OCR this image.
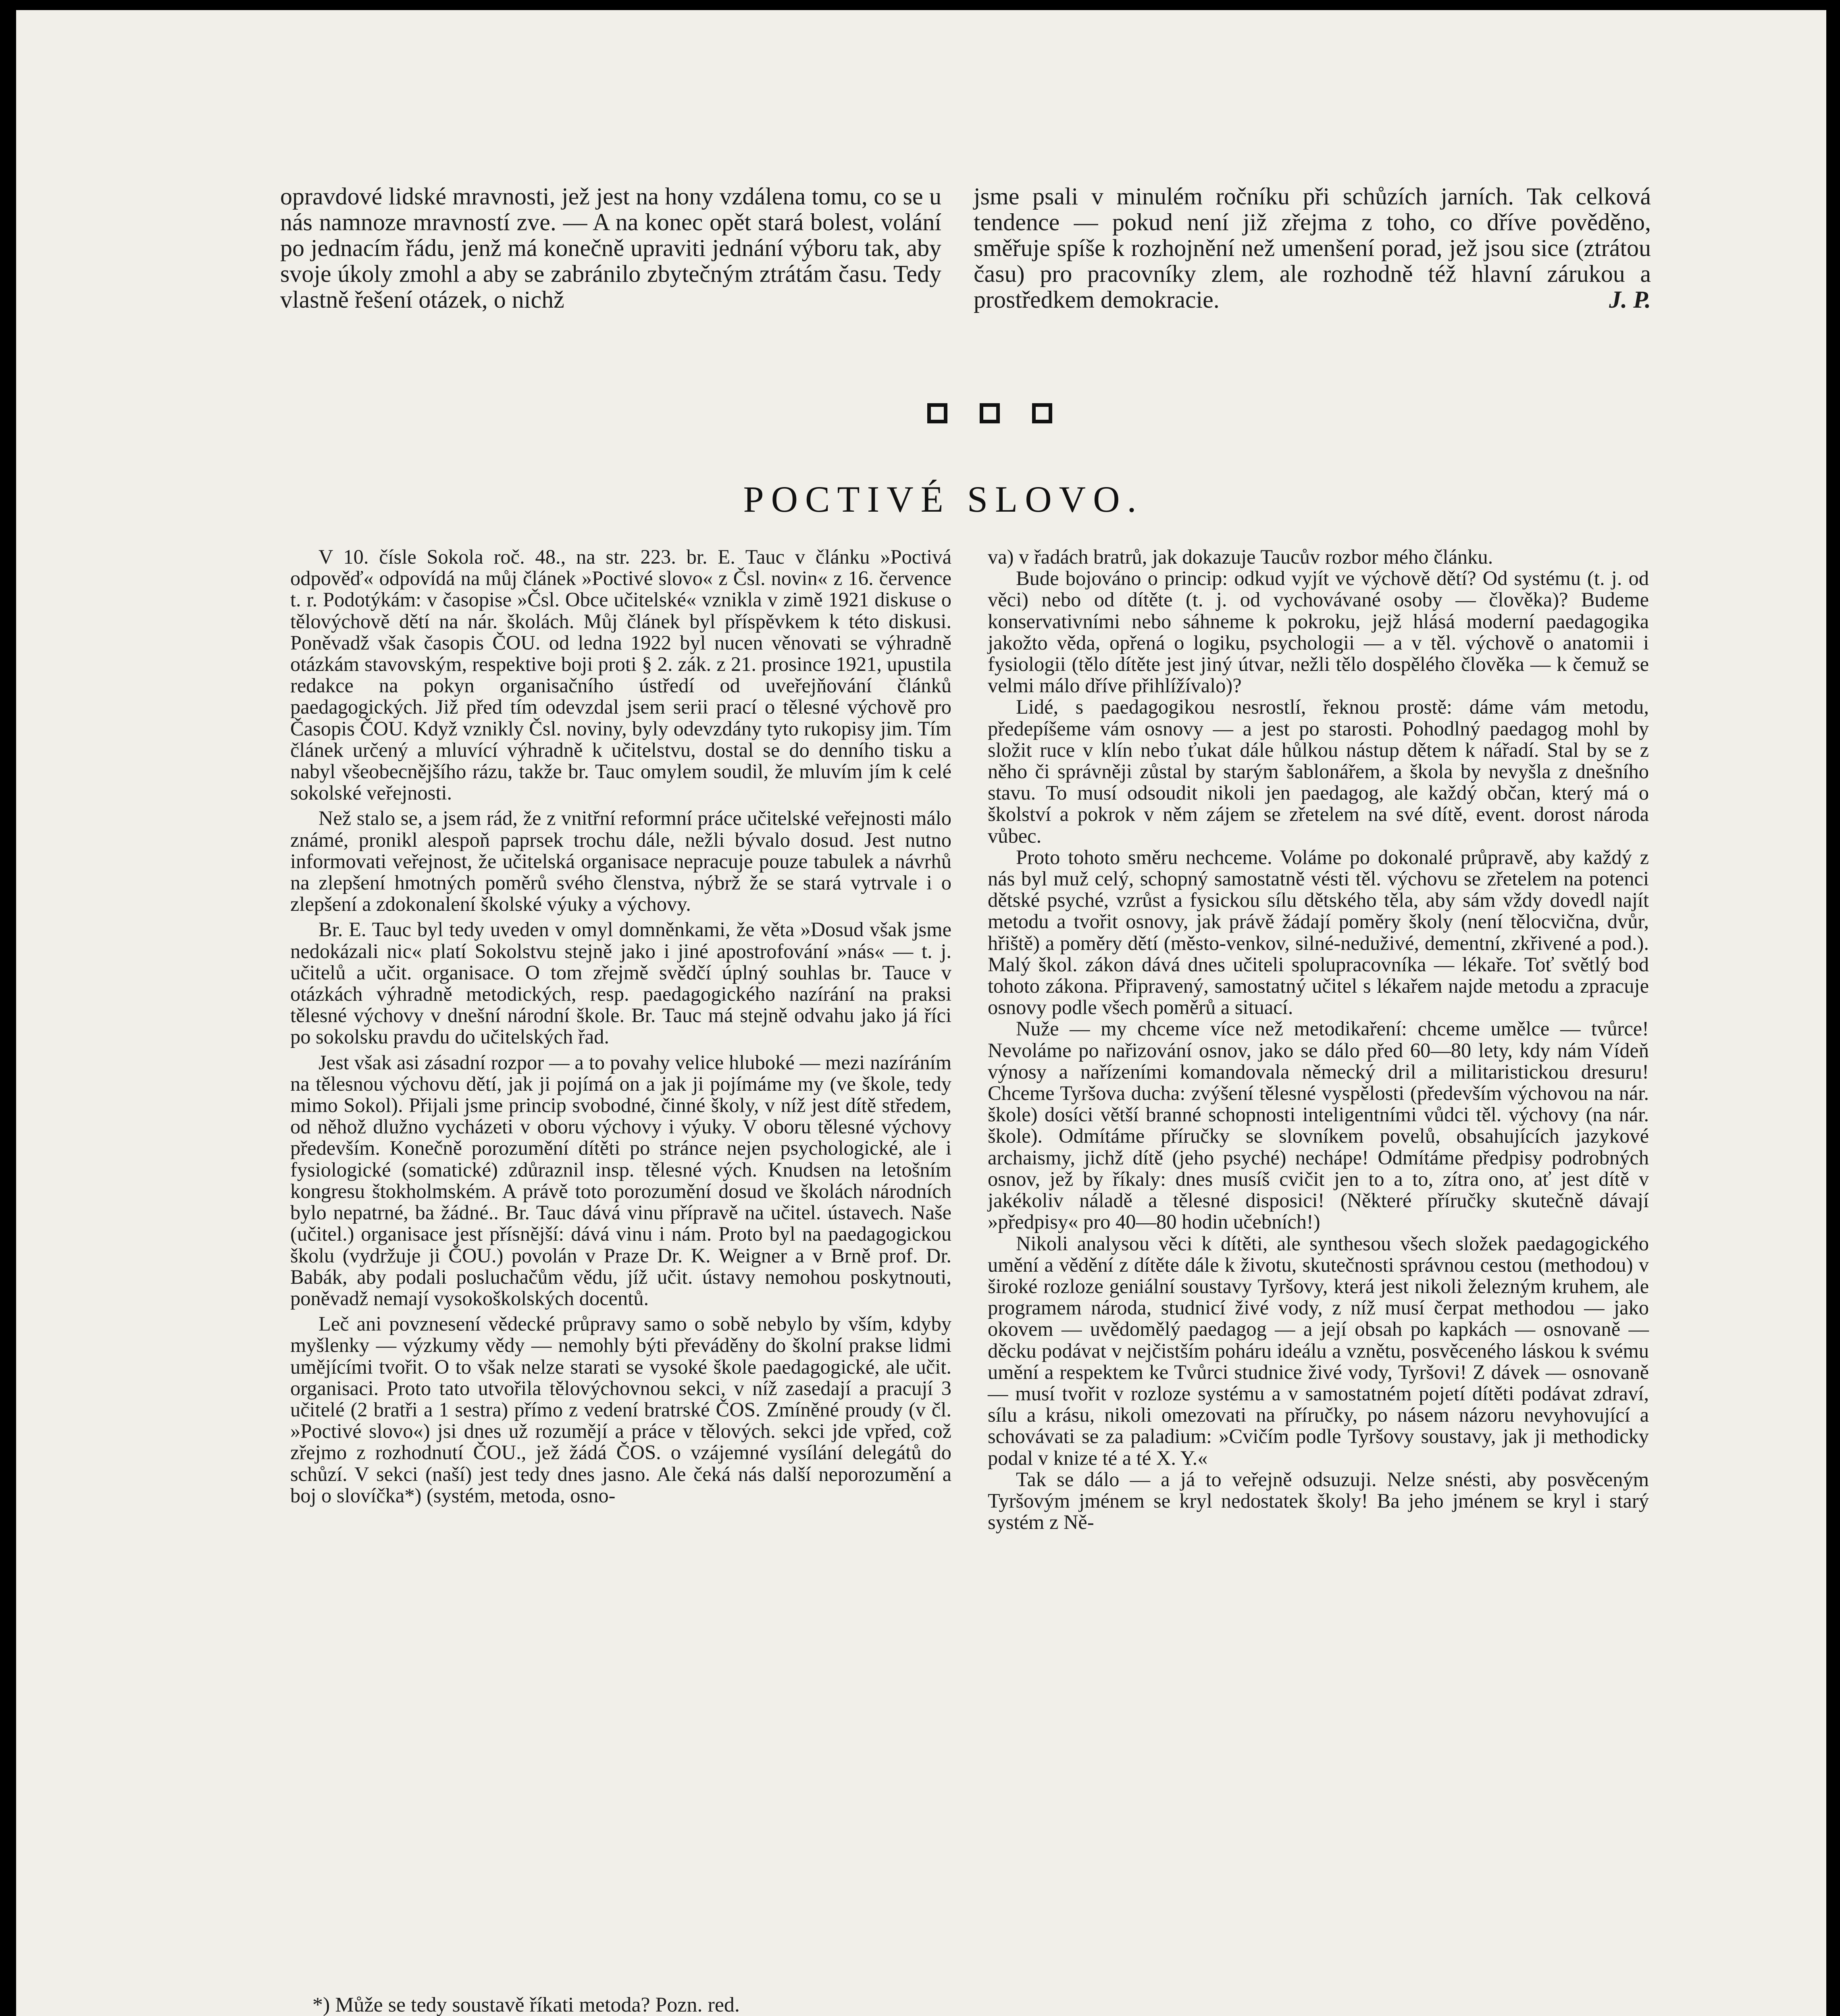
opravdové lidské mravnosti, jež jest na hony vzdálena tomu, co se u nás namnoze mravností zve. — A na konec opět stará bolest, volání po jednacím řádu, jenž má konečně upraviti jednání výboru tak, aby svoje úkoly zmohl a aby se zabránilo zbytečným ztrátám času. Tedy vlastně řešení otázek, o nichž

jsme psali v minulém ročníku při schůzích jarních. Tak celková tendence — pokud není již zřejma z toho, co dříve pověděno, směřuje spíše k rozhojnění než umenšení porad, jež jsou sice (ztrátou času) pro pracovníky zlem, ale rozhodně též hlavní zárukou a prostředkem demokracie.	J. P.
POCTIVÉ SLOVO.

V 10. čísle Sokola roč. 48., na str. 223. br. E. Tauc v článku »Poctivá odpověď« odpovídá na můj článek »Poctivé slovo« z Čsl. novin« z 16. července t. r. Podotýkám: v časopise »Čsl. Obce učitelské« vznikla v zimě 1921 diskuse o tělovýchově dětí na nár. školách. Můj článek byl příspěvkem k této diskusi. Poněvadž však časopis ČOU. od ledna 1922 byl nucen věnovati se výhradně otázkám stavovským, respektive boji proti § 2. zák. z 21. prosince 1921, upustila redakce na pokyn organisačního ústředí od uveřejňování článků paedagogických. Již před tím odevzdal jsem serii prací o tělesné výchově pro Časopis ČOU. Když vznikly Čsl. noviny, byly odevzdány tyto rukopisy jim. Tím článek určený a mluvící výhradně k učitelstvu, dostal se do denního tisku a nabyl všeobecnějšího rázu, takže br. Tauc omylem soudil, že mluvím jím k celé sokolské veřejnosti.

Než stalo se, a jsem rád, že z vnitřní reformní práce učitelské veřejnosti málo známé, pronikl alespoň paprsek trochu dále, nežli bývalo dosud. Jest nutno informovati veřejnost, že učitelská organisace nepracuje pouze tabulek a návrhů na zlepšení hmotných poměrů svého členstva, nýbrž že se stará vytrvale i o zlepšení a zdokonalení školské výuky a výchovy.

Br. E. Tauc byl tedy uveden v omyl domněnkami, že věta »Dosud však jsme nedokázali nic« platí Sokolstvu stejně jako i jiné apostrofování »nás« — t. j. učitelů a učit. organisace. O tom zřejmě svědčí úplný souhlas br. Tauce v otázkách výhradně metodických, resp. paedagogického nazírání na praksi tělesné výchovy v dnešní národní škole. Br. Tauc má stejně odvahu jako já říci po sokolsku pravdu do učitelských řad.

Jest však asi zásadní rozpor — a to povahy velice hluboké — mezi nazíráním na tělesnou výchovu dětí, jak ji pojímá on a jak ji pojímáme my (ve škole, tedy mimo Sokol). Přijali jsme princip svobodné, činné školy, v níž jest dítě středem, od něhož dlužno vycházeti v oboru výchovy i výuky. V oboru tělesné výchovy především. Konečně porozumění dítěti po stránce nejen psychologické, ale i fysiologické (somatické) zdůraznil insp. tělesné vých. Knudsen na letošním kongresu štokholmském. A právě toto porozumění dosud ve školách národních bylo nepatrné, ba žádné.. Br. Tauc dává vinu přípravě na učitel. ústavech. Naše (učitel.) organisace jest přísnější: dává vinu i nám. Proto byl na paedagogickou školu (vydržuje ji ČOU.) povolán v Praze Dr. K. Weigner a v Brně prof. Dr. Babák, aby podali posluchačům vědu, jíž učit. ústavy nemohou poskytnouti, poněvadž nemají vysokoškolských docentů.

Leč ani povznesení vědecké průpravy samo o sobě nebylo by vším, kdyby myšlenky — výzkumy vědy — nemohly býti převáděny do školní prakse lidmi umějícími tvořit. O to však nelze starati se vysoké škole paedagogické, ale učit. organisaci. Proto tato utvořila tělovýchovnou sekci, v níž zasedají a pracují 3 učitelé (2 bratři a 1 sestra) přímo z vedení bratrské ČOS. Zmíněné proudy (v čl. »Poctivé slovo«) jsi dnes už rozumějí a práce v tělových. sekci jde vpřed, což zřejmo z rozhodnutí ČOU., jež žádá ČOS. o vzájemné vysílání delegátů do schůzí. V sekci (naší) jest tedy dnes jasno. Ale čeká nás další neporozumění a boj o slovíčka*) (systém, metoda, osno-

*) Může se tedy soustavě říkati metoda? Pozn. red.

va) v řadách bratrů, jak dokazuje Taucův rozbor mého článku.

Bude bojováno o princip: odkud vyjít ve výchově dětí? Od systému (t. j. od věci) nebo od dítěte (t. j. od vychovávané osoby — člověka)? Budeme konservativními nebo sáhneme k pokroku, jejž hlásá moderní paedagogika jakožto věda, opřená o logiku, psychologii — a v těl. výchově o anatomii i fysiologii (tělo dítěte jest jiný útvar, nežli tělo dospělého člověka — k čemuž se velmi málo dříve přihlížívalo)?

Lidé, s paedagogikou nesrostlí, řeknou prostě: dáme vám metodu, předepíšeme vám osnovy — a jest po starosti. Pohodlný paedagog mohl by složit ruce v klín nebo ťukat dále hůlkou nástup dětem k nářadí. Stal by se z něho či správněji zůstal by starým šablonářem, a škola by nevyšla z dnešního stavu. To musí odsoudit nikoli jen paedagog, ale každý občan, který má o školství a pokrok v něm zájem se zřetelem na své dítě, event. dorost národa vůbec.

Proto tohoto směru nechceme. Voláme po dokonalé průpravě, aby každý z nás byl muž celý, schopný samostatně vésti těl. výchovu se zřetelem na potenci dětské psyché, vzrůst a fysickou sílu dětského těla, aby sám vždy dovedl najít metodu a tvořit osnovy, jak právě žádají poměry školy (není tělocvična, dvůr, hřiště) a poměry dětí (město-venkov, silné-neduživé, dementní, zkřivené a pod.). Malý škol. zákon dává dnes učiteli spolupracovníka — lékaře. Toť světlý bod tohoto zákona. Připravený, samostatný učitel s lékařem najde metodu a zpracuje osnovy podle všech poměrů a situací.

Nuže — my chceme více než metodikaření: chceme umělce — tvůrce! Nevoláme po nařizování osnov, jako se dálo před 60—80 lety, kdy nám Vídeň výnosy a nařízeními komandovala německý dril a militaristickou dresuru! Chceme Tyršova ducha: zvýšení tělesné vyspělosti (především výchovou na nár. škole) dosíci větší branné schopnosti inteligentními vůdci těl. výchovy (na nár. škole). Odmítáme příručky se slovníkem povelů, obsahujících jazykové archaismy, jichž dítě (jeho psyché) nechápe! Odmítáme předpisy podrobných osnov, jež by říkaly: dnes musíš cvičit jen to a to, zítra ono, ať jest dítě v jakékoliv náladě a tělesné disposici! (Některé příručky skutečně dávají »předpisy« pro 40—80 hodin učebních!)

Nikoli analysou věci k dítěti, ale synthesou všech složek paedagogického umění a vědění z dítěte dále k životu, skutečnosti správnou cestou (methodou) v široké rozloze geniální soustavy Tyršovy, která jest nikoli železným kruhem, ale programem národa, studnicí živé vody, z níž musí čerpat methodou — jako okovem — uvědomělý paedagog — a její obsah po kapkách — osnovaně — děcku podávat v nejčistším poháru ideálu a vznětu, posvěceného láskou k svému umění a respektem ke Tvůrci studnice živé vody, Tyršovi! Z dávek — osnovaně — musí tvořit v rozloze systému a v samostatném pojetí dítěti podávat zdraví, sílu a krásu, nikoli omezovati na příručky, po násem názoru nevyhovující a schovávati se za paladium: »Cvičím podle Tyršovy soustavy, jak ji methodicky podal v knize té a té X. Y.«

Tak se dálo — a já to veřejně odsuzuji. Nelze snésti, aby posvěceným Tyršovým jménem se kryl nedostatek školy! Ba jeho jménem se kryl i starý systém z Ně-
